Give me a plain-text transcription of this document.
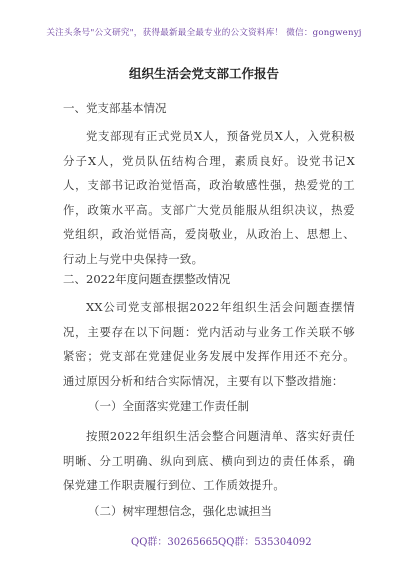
关注头条号"公文研究"，获得最新最全最专业的公文资料库！ 微信：gongwenyj
组织生活会党支部工作报告
一、党支部基本情况
党支部现有正式党员X人，预备党员X人，入党积极分子X人，党员队伍结构合理，素质良好。设党书记X人，支部书记政治觉悟高，政治敏感性强，热爱党的工作，政策水平高。支部广大党员能服从组织决议，热爱党组织，政治觉悟高，爱岗敬业，从政治上、思想上、行动上与党中央保持一致。
二、2022年度问题查摆整改情况
XX公司党支部根据2022年组织生活会问题查摆情况，主要存在以下问题：党内活动与业务工作关联不够紧密；党支部在党建促业务发展中发挥作用还不充分。通过原因分析和结合实际情况，主要有以下整改措施：
（一）全面落实党建工作责任制
按照2022年组织生活会整合问题清单、落实好责任明晰、分工明确、纵向到底、横向到边的责任体系，确保党建工作职责履行到位、工作质效提升。
（二）树牢理想信念，强化忠诚担当
QQ群：30265665 QQ群：535304092
